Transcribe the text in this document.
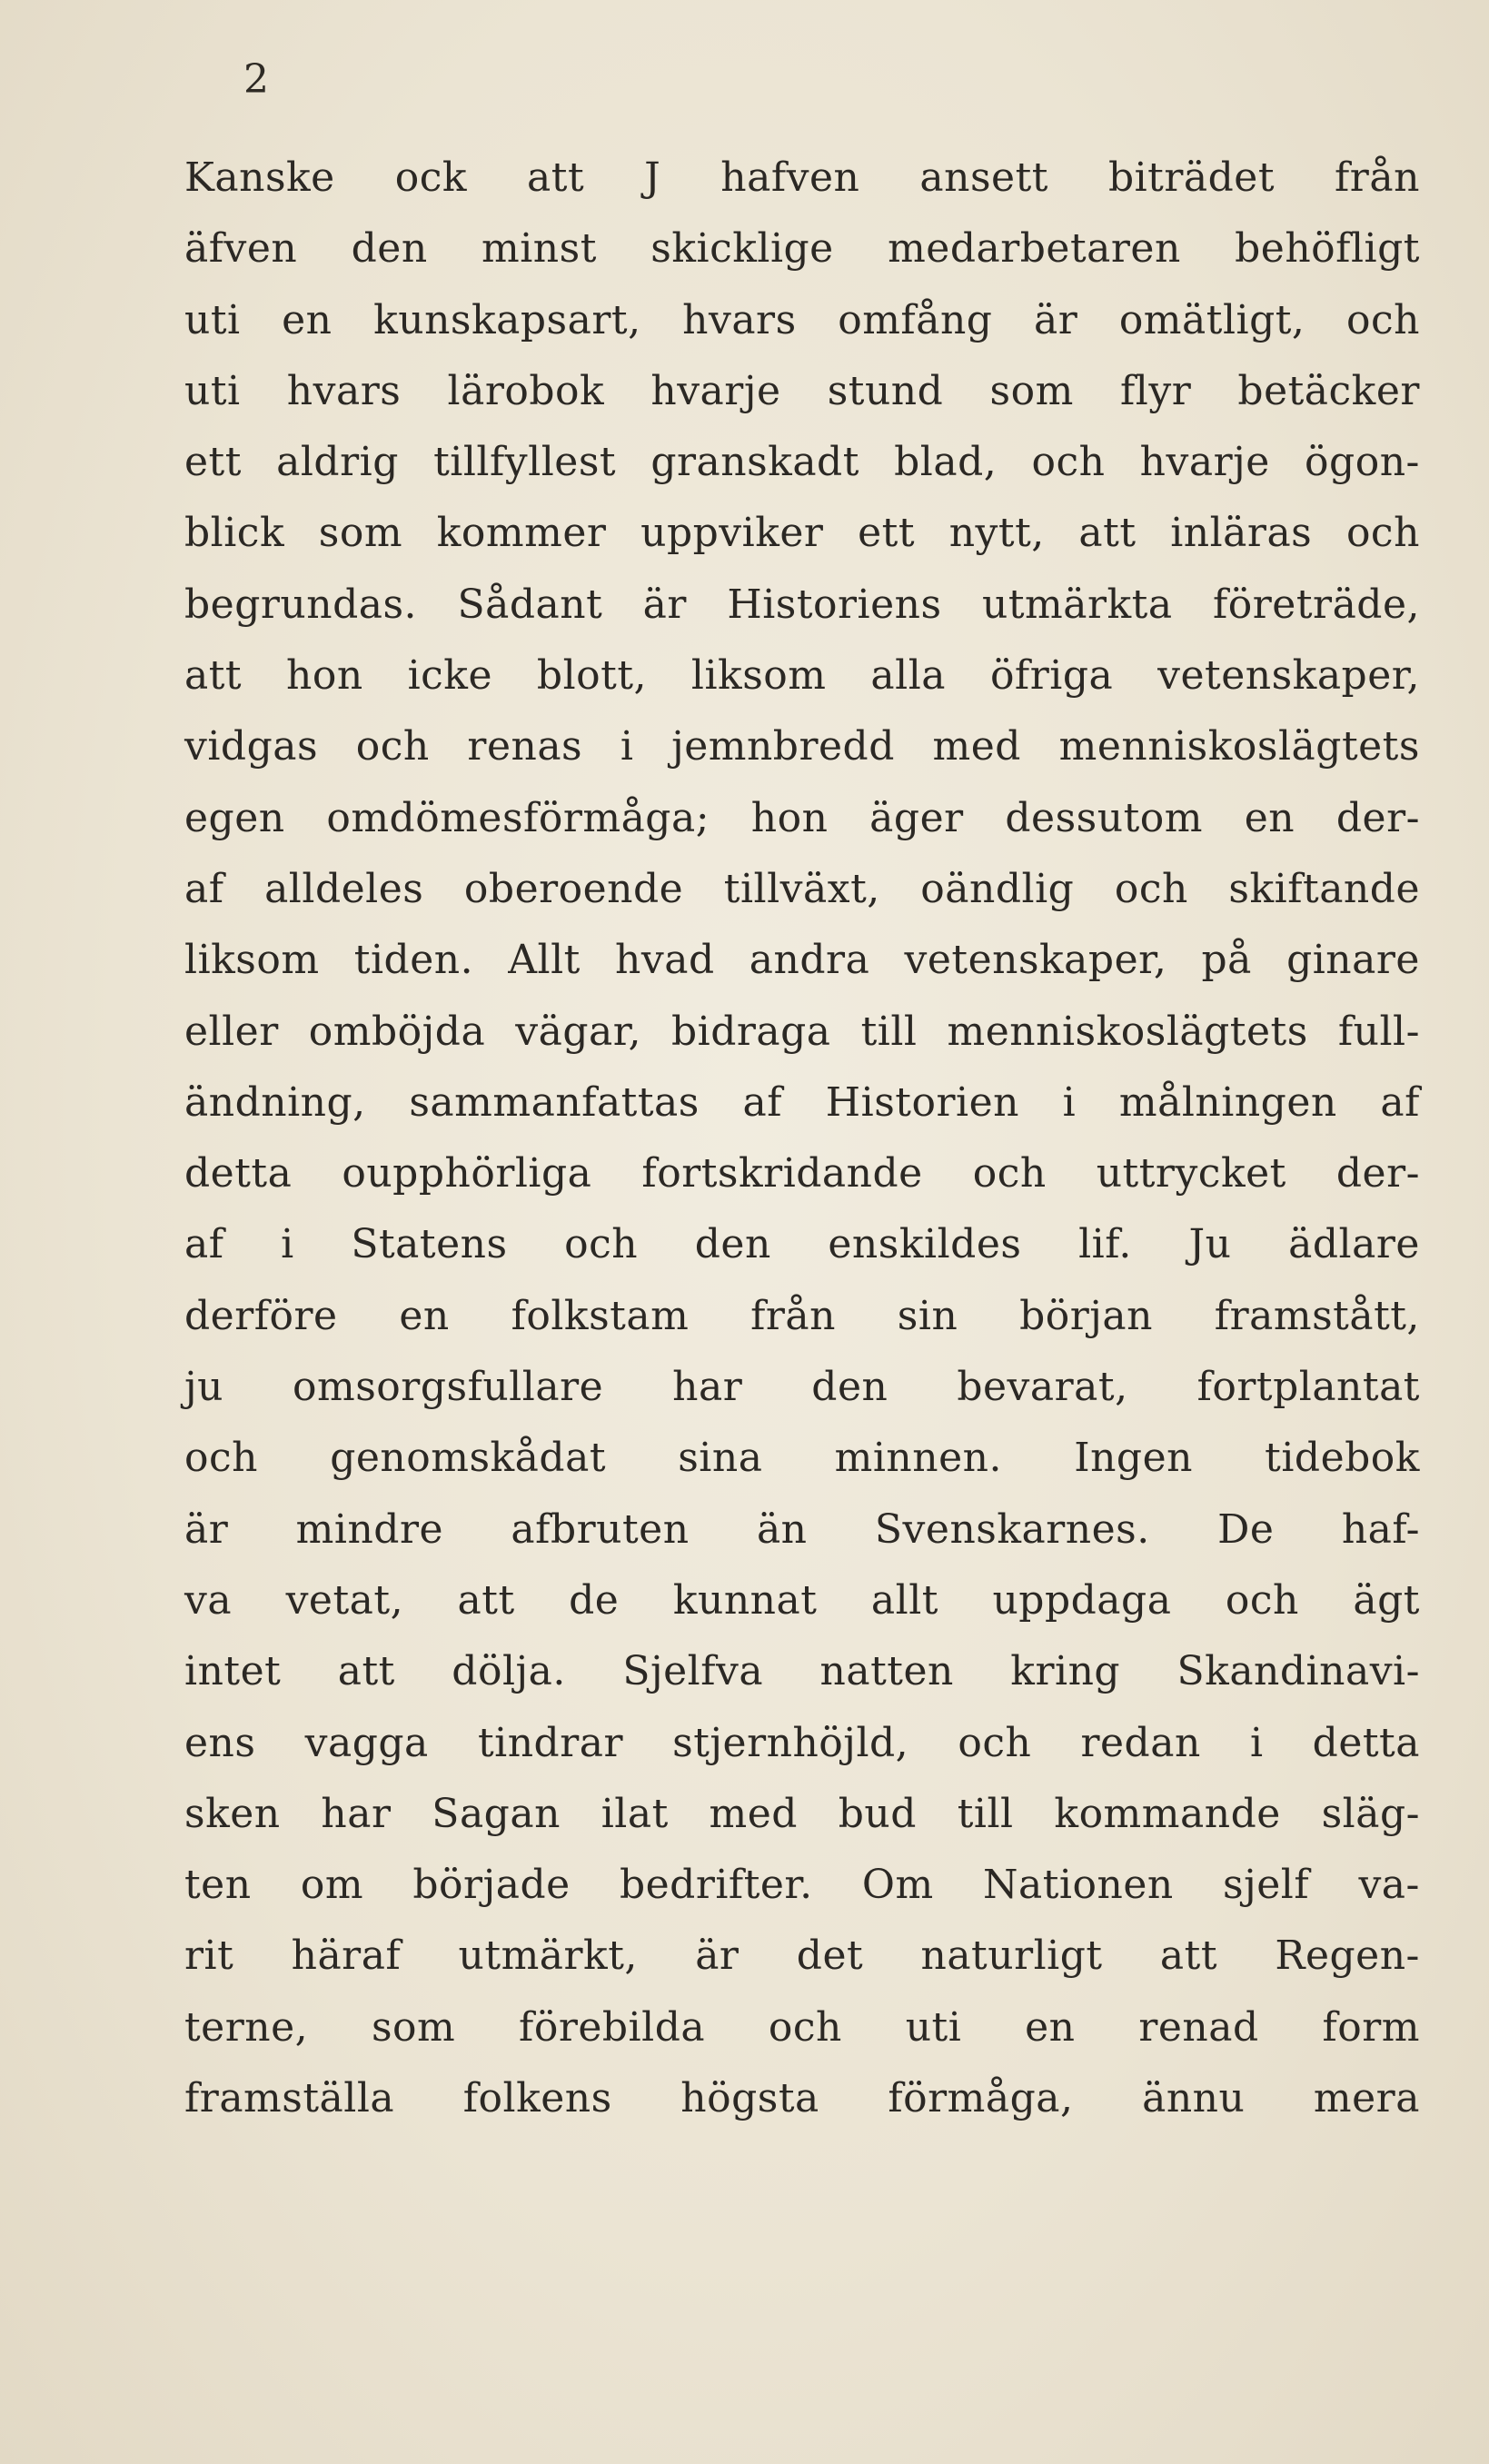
2
Kanske ock att J hafven ansett biträdet från
äfven den minst skicklige medarbetaren behöfligt
uti en kunskapsart, hvars omfång är omätligt, och
uti hvars lärobok hvarje stund som flyr betäcker
ett aldrig tillfyllest granskadt blad, och hvarje ögon-
blick som kommer uppviker ett nytt, att inläras och
begrundas. Sådant är Historiens utmärkta företräde,
att hon icke blott, liksom alla öfriga vetenskaper,
vidgas och renas i jemnbredd med menniskoslägtets
egen omdömesförmåga; hon äger dessutom en der-
af alldeles oberoende tillväxt, oändlig och skiftande
liksom tiden. Allt hvad andra vetenskaper, på ginare
eller omböjda vägar, bidraga till menniskoslägtets full-
ändning, sammanfattas af Historien i målningen af
detta oupphörliga fortskridande och uttrycket der-
af i Statens och den enskildes lif. Ju ädlare
derföre en folkstam från sin början framstått,
ju omsorgsfullare har den bevarat, fortplantat
och genomskådat sina minnen. Ingen tidebok
är mindre afbruten än Svenskarnes. De haf-
va vetat, att de kunnat allt uppdaga och ägt
intet att dölja. Sjelfva natten kring Skandinavi-
ens vagga tindrar stjernhöjld, och redan i detta
sken har Sagan ilat med bud till kommande släg-
ten om började bedrifter. Om Nationen sjelf va-
rit häraf utmärkt, är det naturligt att Regen-
terne, som förebilda och uti en renad form
framställa folkens högsta förmåga, ännu mera
